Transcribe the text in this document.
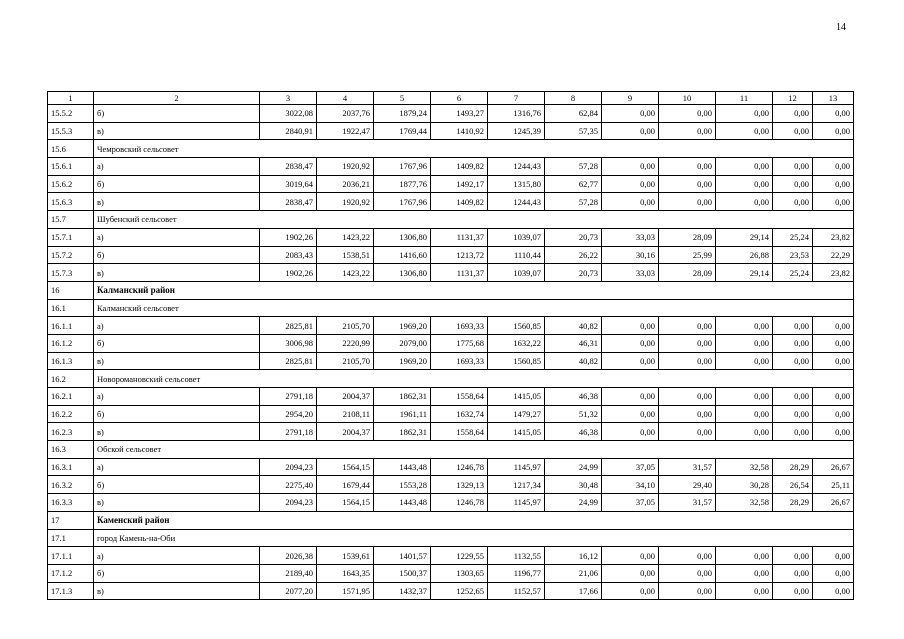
14
1	2	3	4	5	6	7	8	9	10	11	12	13
15.5.2	б)	3022,08	2037,76	1879,24	1493,27	1316,76	62,84	0,00	0,00	0,00	0,00	0,00
15.5.3	в)	2840,91	1922,47	1769,44	1410,92	1245,39	57,35	0,00	0,00	0,00	0,00	0,00
15.6	Чемровский сельсовет											
15.6.1	а)	2838,47	1920,92	1767,96	1409,82	1244,43	57,28	0,00	0,00	0,00	0,00	0,00
15.6.2	б)	3019,64	2036,21	1877,76	1492,17	1315,80	62,77	0,00	0,00	0,00	0,00	0,00
15.6.3	в)	2838,47	1920,92	1767,96	1409,82	1244,43	57,28	0,00	0,00	0,00	0,00	0,00
15.7	Шубенский сельсовет											
15.7.1	а)	1902,26	1423,22	1306,80	1131,37	1039,07	20,73	33,03	28,09	29,14	25,24	23,82
15.7.2	б)	2083,43	1538,51	1416,60	1213,72	1110,44	26,22	30,16	25,99	26,88	23,53	22,29
15.7.3	в)	1902,26	1423,22	1306,80	1131,37	1039,07	20,73	33,03	28,09	29,14	25,24	23,82
16	Калманский район											
16.1	Калманский сельсовет											
16.1.1	а)	2825,81	2105,70	1969,20	1693,33	1560,85	40,82	0,00	0,00	0,00	0,00	0,00
16.1.2	б)	3006,98	2220,99	2079,00	1775,68	1632,22	46,31	0,00	0,00	0,00	0,00	0,00
16.1.3	в)	2825,81	2105,70	1969,20	1693,33	1560,85	40,82	0,00	0,00	0,00	0,00	0,00
16.2	Новоромановский сельсовет											
16.2.1	а)	2791,18	2004,37	1862,31	1558,64	1415,05	46,38	0,00	0,00	0,00	0,00	0,00
16.2.2	б)	2954,20	2108,11	1961,11	1632,74	1479,27	51,32	0,00	0,00	0,00	0,00	0,00
16.2.3	в)	2791,18	2004,37	1862,31	1558,64	1415,05	46,38	0,00	0,00	0,00	0,00	0,00
16.3	Обской сельсовет											
16.3.1	а)	2094,23	1564,15	1443,48	1246,78	1145,97	24,99	37,05	31,57	32,58	28,29	26,67
16.3.2	б)	2275,40	1679,44	1553,28	1329,13	1217,34	30,48	34,10	29,40	30,28	26,54	25,11
16.3.3	в)	2094,23	1564,15	1443,48	1246,78	1145,97	24,99	37,05	31,57	32,58	28,29	26,67
17	Каменский район											
17.1	город Камень-на-Оби											
17.1.1	а)	2026,38	1539,61	1401,57	1229,55	1132,55	16,12	0,00	0,00	0,00	0,00	0,00
17.1.2	б)	2189,40	1643,35	1500,37	1303,65	1196,77	21,06	0,00	0,00	0,00	0,00	0,00
17.1.3	в)	2077,20	1571,95	1432,37	1252,65	1152,57	17,66	0,00	0,00	0,00	0,00	0,00
